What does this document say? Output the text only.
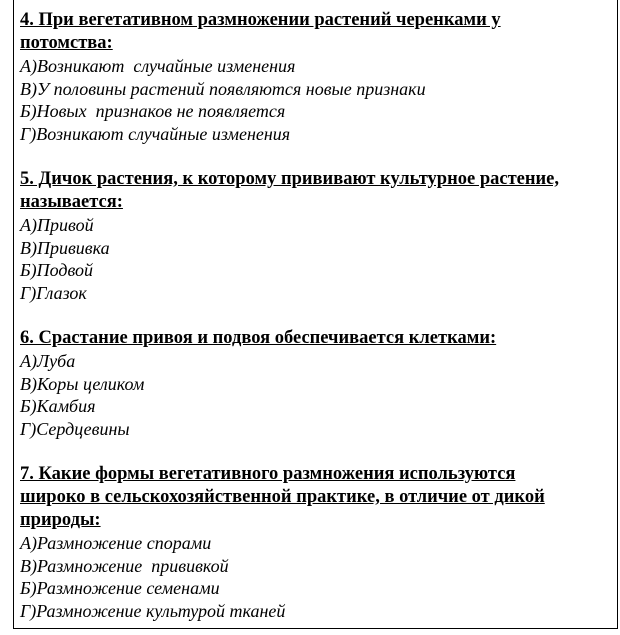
4. При вегетативном размножении растений черенками у
потомства:

А)Возникают  случайные изменения
В)У половины растений появляются новые признаки
Б)Новых  признаков не появляется
Г)Возникают случайные изменения

5. Дичок растения, к которому прививают культурное растение,
называется:

А)Привой
В)Прививка
Б)Подвой
Г)Глазок

6. Срастание привоя и подвоя обеспечивается клетками:

А)Луба
В)Коры целиком
Б)Камбия
Г)Сердцевины

7. Какие формы вегетативного размножения используются
широко в сельскохозяйственной практике, в отличие от дикой
природы:

А)Размножение спорами
В)Размножение  прививкой
Б)Размножение семенами
Г)Размножение культурой тканей
